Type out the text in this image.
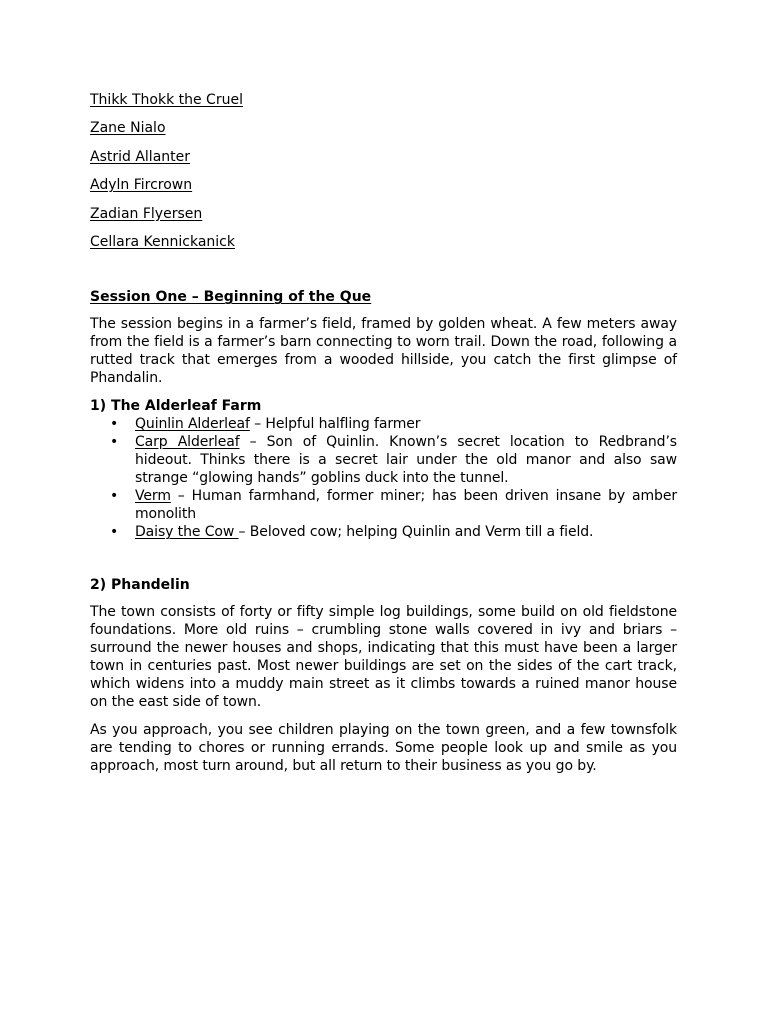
Thikk Thokk the Cruel
Zane Nialo
Astrid Allanter
Adyln Fircrown
Zadian Flyersen
Cellara Kennickanick
Session One – Beginning of the Que

The session begins in a farmer’s field, framed by golden wheat. A few meters away from the field is a farmer’s barn connecting to worn trail. Down the road, following a rutted track that emerges from a wooded hillside, you catch the first glimpse of Phandalin.

1) The Alderleaf Farm
• Quinlin Alderleaf – Helpful halfling farmer
• Carp Alderleaf – Son of Quinlin. Known’s secret location to Redbrand’s hideout. Thinks there is a secret lair under the old manor and also saw strange “glowing hands” goblins duck into the tunnel.
• Verm – Human farmhand, former miner; has been driven insane by amber monolith
• Daisy the Cow – Beloved cow; helping Quinlin and Verm till a field.
2) Phandelin

The town consists of forty or fifty simple log buildings, some build on old fieldstone foundations. More old ruins – crumbling stone walls covered in ivy and briars – surround the newer houses and shops, indicating that this must have been a larger town in centuries past. Most newer buildings are set on the sides of the cart track, which widens into a muddy main street as it climbs towards a ruined manor house on the east side of town.

As you approach, you see children playing on the town green, and a few townsfolk are tending to chores or running errands. Some people look up and smile as you approach, most turn around, but all return to their business as you go by.
